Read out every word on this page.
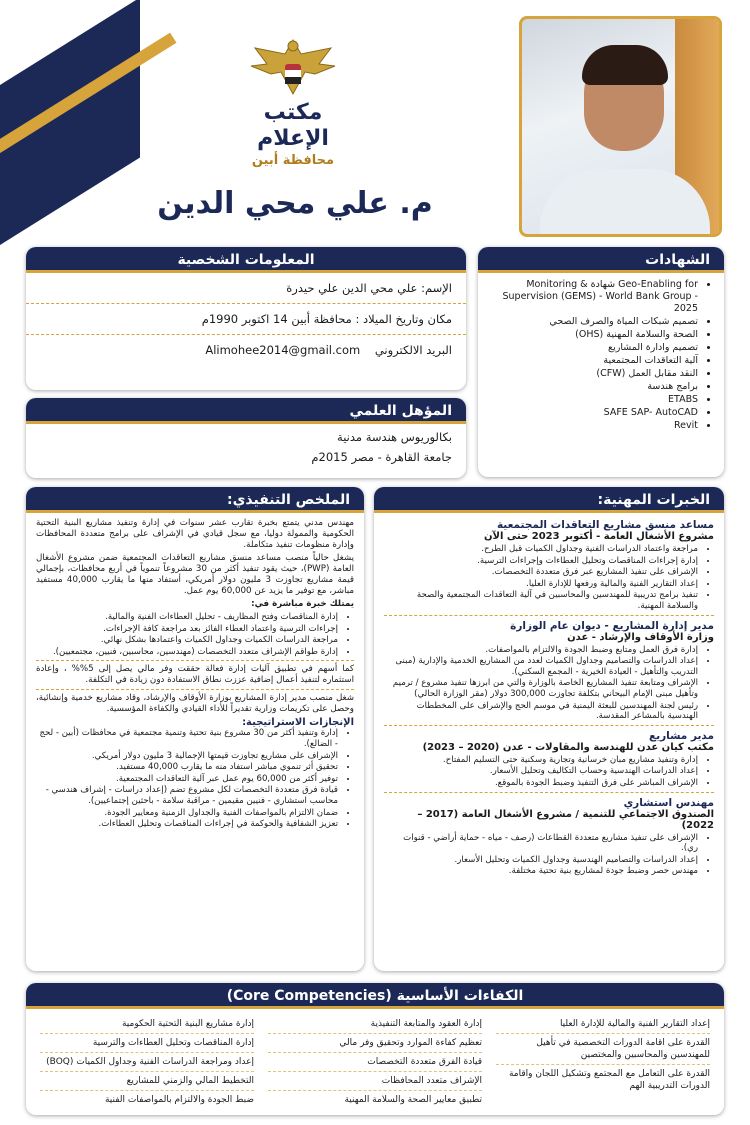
مكتب الإعلام
محافظة أبين
م. علي محي الدين
المعلومات الشخصية
الإسم: علي محي الدين علي حيدرة
مكان وتاريخ الميلاد : محافظة أبين 14 اكتوبر 1990م
البريد الالكتروني    Alimohee2014@gmail.com
المؤهل العلمي
بكالوريوس هندسة مدنية
جامعة القاهرة - مصر 2015م
الشهادات
• Geo-Enabling for شهادة Monitoring & Supervision (GEMS) - World Bank Group - 2025
• تصميم شبكات المياة والصرف الصحي
• الصحة والسلامة المهنية (OHS)
• تصميم وادارة المشاريع
• آلية التعاقدات المجتمعية
• النقد مقابل العمل (CFW)
• برامج هندسة
• ETABS
• SAFE SAP- AutoCAD
• Revit
الملخص التنفيذي:

مهندس مدني يتمتع بخبرة تقارب عشر سنوات في إدارة وتنفيذ مشاريع البنية التحتية الحكومية والممولة دوليا، مع سجل قيادي في الإشراف على برامج متعددة المحافظات وإدارة منظومات تنفيذ متكاملة.

يشغل حالياً منصب مساعد منسق مشاريع التعاقدات المجتمعية ضمن مشروع الأشغال العامة (PWP)، حيث يقود تنفيذ أكثر من 30 مشروعاً تنموياً في أربع محافظات، بإجمالي قيمة مشاريع تجاوزت 3 مليون دولار أمريكي، أستفاد منها ما يقارب 40,000 مستفيد مباشر، مع توفير ما يزيد عن 60,000 يوم عمل.

يمتلك خبرة مباشرة في:

• إدارة المناقصات وفتح المظاريف - تحليل العطاءات الفنية والمالية.
• إجراءات الترسية واعتماد العطاء الفائز بعد مراجعة كافة الإجراءات.
• مراجعة الدراسات الكميات وجداول الكميات واعتمادها بشكل نهائي.
• إدارة طواقم الإشراف متعدد التخصصات (مهندسين، محاسبين، فنيين، مجتمعيين).

كما أسهم في تطبيق آليات إدارة فعالة حققت وفر مالي يصل إلى 5%% ، وإعادة استثماره لتنفيذ أعمال إضافية عززت نطاق الاستفادة دون زيادة في التكلفة.

شغل منصب مدير إدارة المشاريع بوزارة الأوقاف والإرشاد، وقاد مشاريع خدمية وإنشائية، وحصل على تكريمات وزارية تقديراً للأداء القيادي والكفاءة المؤسسية.

الإنجازات الاستراتيجية:
• إدارة وتنفيذ أكثر من 30 مشروع بنية تحتية وتنمية مجتمعية في محافظات (أبين - لحج - الضالع).
• الإشراف على مشاريع تجاوزت قيمتها الإجمالية 3 مليون دولار أمريكي.
• تحقيق أثر تنموي مباشر استفاد منه ما يقارب 40,000 مستفيد.
• توفير أكثر من 60,000 يوم عمل عبر آلية التعاقدات المجتمعية.
• قيادة فرق متعددة التخصصات لكل مشروع تضم (إعداد دراسات - إشراف هندسي - محاسب استشاري - فنيين مقيمين - مراقبة سلامة - باحثين إجتماعيين).
• ضمان الالتزام بالمواصفات الفنية والجداول الزمنية ومعايير الجودة.
• تعزيز الشفافية والحوكمة في إجراءات المناقصات وتحليل العطاءات.
الخبرات المهنية:
مساعد منسق مشاريع التعاقدات المجتمعية
مشروع الأشغال العامة - أكتوبر 2023 حتى الآن
• مراجعة واعتماد الدراسات الفنية وجداول الكميات قبل الطرح.
• إدارة إجراءات المناقصات وتحليل العطاءات وإجراءات الترسية.
• الإشراف على تنفيذ المشاريع عبر فرق متعددة التخصصات.
• إعداد التقارير الفنية والمالية ورفعها للإدارة العليا.
• تنفيذ برامج تدريبية للمهندسين والمحاسبين في آلية التعاقدات المجتمعية والصحة والسلامة المهنية.
مدير إدارة المشاريع - ديوان عام الوزارة
وزارة الأوقاف والإرشاد - عدن
• إدارة فرق العمل ومتابع وضبط الجودة والالتزام بالمواصفات.
• إعداد الدراسات والتصاميم وجداول الكميات لعدد من المشاريع الخدمية والإدارية (مبنى التدريب والتأهيل - العيادة الخيرية - المجمع السكني).
• الإشراف ومتابعة تنفيذ المشاريع الخاصة بالوزارة والتي من ابرزها تنفيذ مشروع / ترميم وتأهيل مبنى الإمام البيحاني بتكلفة تجاوزت 300,000 دولار (مقر الوزارة الحالي)
• رئيس لجنة المهندسين للبعثة اليمنية في موسم الحج والإشراف على المخططات الهندسية بالمشاعر المقدسة.
مدير مشاريع
مكتب كيان عدن للهندسة والمقاولات - عدن (2020 – 2023)
• إدارة وتنفيذ مشاريع مبان خرسانية وتجارية وسكنية حتى التسليم المفتاح.
• إعداد الدراسات الهندسية وحساب التكاليف وتحليل الأسعار.
• الإشراف المباشر على فرق التنفيذ وضبط الجودة بالموقع.
مهندس استشاري
الصندوق الاجتماعي للتنمية / مشروع الأشغال العامة (2017 – 2022)
• الإشراف على تنفيذ مشاريع متعددة القطاعات (رصف - مياه - حماية أراضي - قنوات ري).
• إعداد الدراسات والتصاميم الهندسية وجداول الكميات وتحليل الأسعار.
• مهندس حصر وضبط جودة لمشاريع بنية تحتية مختلفة.
الكفاءات الأساسية (Core Competencies)
إعداد التقارير الفنية والمالية للإدارة العليا
القدرة على اقامة الدورات التخصصية في تأهيل للمهندسين والمحاسبين والمختصين
القدرة على التعامل مع المجتمع وتشكيل اللجان واقامة الدورات التدريبية الهم
إدارة العقود والمتابعة التنفيذية
تعظيم كفاءة الموارد وتحقيق وفر مالي
قيادة الفرق متعددة التخصصات
الإشراف متعدد المحافظات
تطبيق معايير الصحة والسلامة المهنية
إدارة مشاريع البنية التحتية الحكومية
إدارة المناقصات وتحليل العطاءات والترسية
إعداد ومراجعة الدراسات الفنية وجداول الكميات (BOQ)
التخطيط المالي والزمني للمشاريع
ضبط الجودة والالتزام بالمواصفات الفنية
